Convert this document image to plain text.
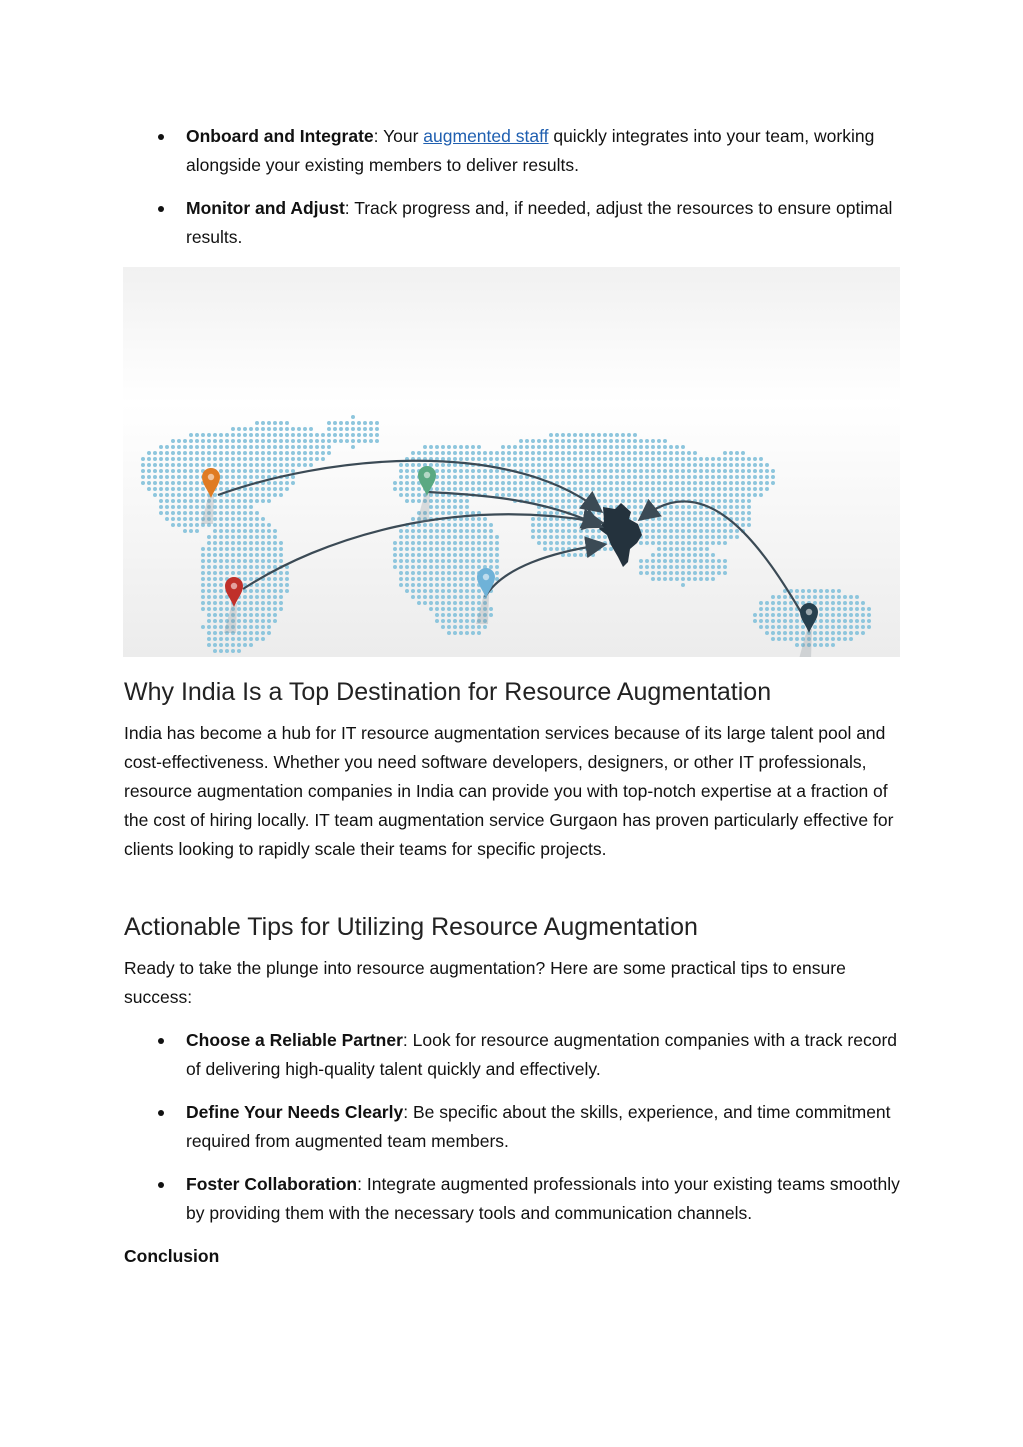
Onboard and Integrate: Your augmented staff quickly integrates into your team, working alongside your existing members to deliver results.
Monitor and Adjust: Track progress and, if needed, adjust the resources to ensure optimal results.
Why India Is a Top Destination for Resource Augmentation

India has become a hub for IT resource augmentation services because of its large talent pool and cost-effectiveness. Whether you need software developers, designers, or other IT professionals, resource augmentation companies in India can provide you with top-notch expertise at a fraction of the cost of hiring locally. IT team augmentation service Gurgaon has proven particularly effective for clients looking to rapidly scale their teams for specific projects.

Actionable Tips for Utilizing Resource Augmentation

Ready to take the plunge into resource augmentation? Here are some practical tips to ensure success:

Choose a Reliable Partner: Look for resource augmentation companies with a track record of delivering high-quality talent quickly and effectively.
Define Your Needs Clearly: Be specific about the skills, experience, and time commitment required from augmented team members.
Foster Collaboration: Integrate augmented professionals into your existing teams smoothly by providing them with the necessary tools and communication channels.
Conclusion
